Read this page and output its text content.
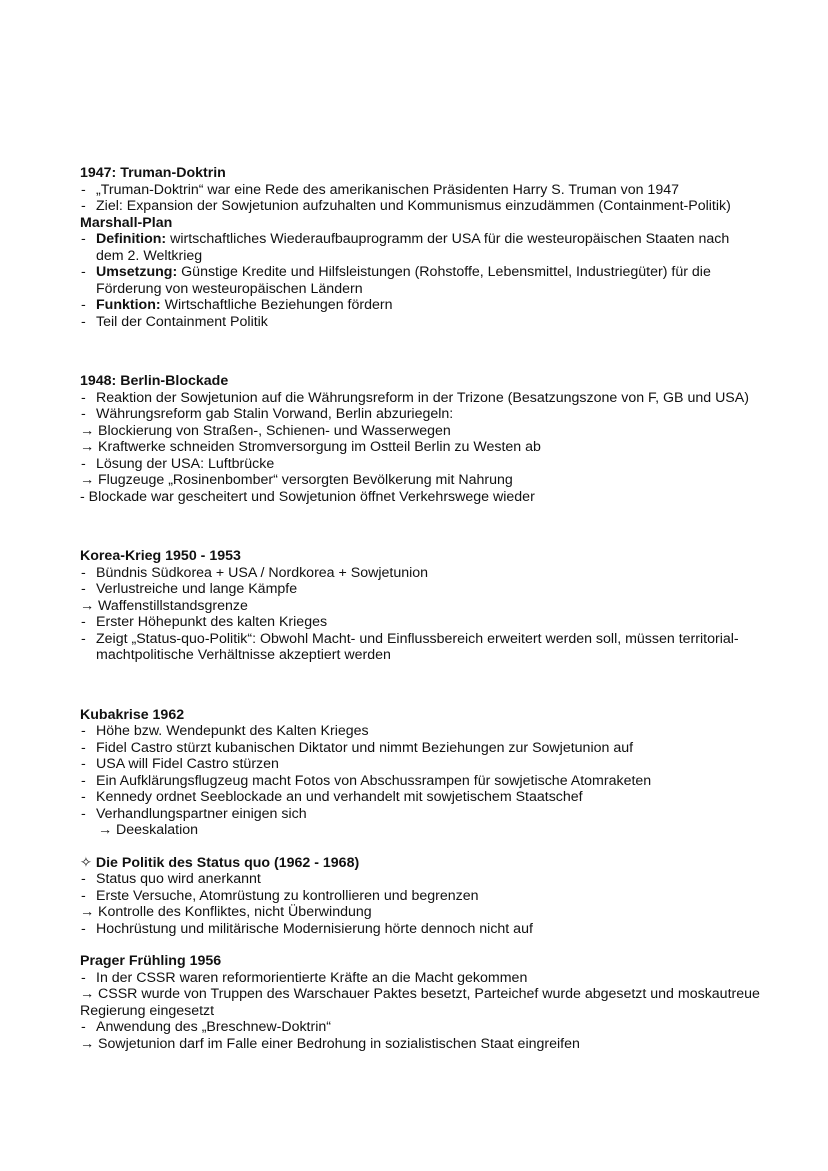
1947: Truman-Doktrin
- „Truman-Doktrin“ war eine Rede des amerikanischen Präsidenten Harry S. Truman von 1947
- Ziel: Expansion der Sowjetunion aufzuhalten und Kommunismus einzudämmen (Containment-Politik)
Marshall-Plan
- Definition: wirtschaftliches Wiederaufbauprogramm der USA für die westeuropäischen Staaten nach dem 2. Weltkrieg
- Umsetzung: Günstige Kredite und Hilfsleistungen (Rohstoffe, Lebensmittel, Industriegüter) für die Förderung von westeuropäischen Ländern
- Funktion: Wirtschaftliche Beziehungen fördern
- Teil der Containment Politik
1948: Berlin-Blockade
- Reaktion der Sowjetunion auf die Währungsreform in der Trizone (Besatzungszone von F, GB und USA)
- Währungsreform gab Stalin Vorwand, Berlin abzuriegeln:
→ Blockierung von Straßen-, Schienen- und Wasserwegen
→ Kraftwerke schneiden Stromversorgung im Ostteil Berlin zu Westen ab
- Lösung der USA: Luftbrücke
→ Flugzeuge „Rosinenbomber“ versorgten Bevölkerung mit Nahrung
- Blockade war gescheitert und Sowjetunion öffnet Verkehrswege wieder
Korea-Krieg 1950 - 1953
- Bündnis Südkorea + USA / Nordkorea + Sowjetunion
- Verlustreiche und lange Kämpfe
→ Waffenstillstandsgrenze
- Erster Höhepunkt des kalten Krieges
- Zeigt „Status-quo-Politik“: Obwohl Macht- und Einflussbereich erweitert werden soll, müssen territorial-machtpolitische Verhältnisse akzeptiert werden
Kubakrise 1962
- Höhe bzw. Wendepunkt des Kalten Krieges
- Fidel Castro stürzt kubanischen Diktator und nimmt Beziehungen zur Sowjetunion auf
- USA will Fidel Castro stürzen
- Ein Aufklärungsflugzeug macht Fotos von Abschussrampen für sowjetische Atomraketen
- Kennedy ordnet Seeblockade an und verhandelt mit sowjetischem Staatschef
- Verhandlungspartner einigen sich
→ Deeskalation
✧ Die Politik des Status quo (1962 - 1968)
- Status quo wird anerkannt
- Erste Versuche, Atomrüstung zu kontrollieren und begrenzen
→ Kontrolle des Konfliktes, nicht Überwindung
- Hochrüstung und militärische Modernisierung hörte dennoch nicht auf
Prager Frühling 1956
- In der CSSR waren reformorientierte Kräfte an die Macht gekommen
→ CSSR wurde von Truppen des Warschauer Paktes besetzt, Parteichef wurde abgesetzt und moskautreue Regierung eingesetzt
- Anwendung des „Breschnew-Doktrin“
→ Sowjetunion darf im Falle einer Bedrohung in sozialistischen Staat eingreifen
